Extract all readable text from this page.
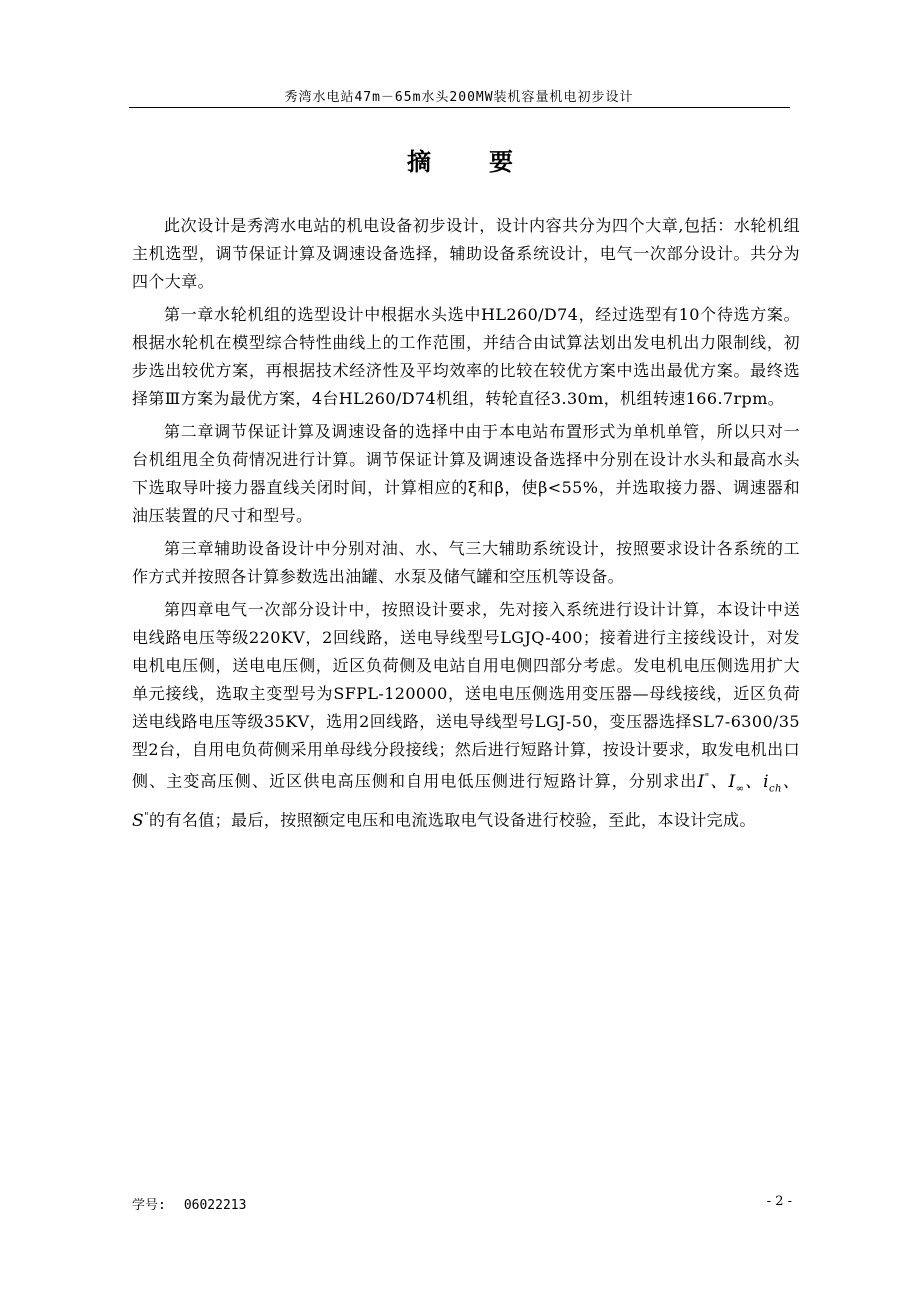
秀湾水电站47m－65m水头200MW装机容量机电初步设计
摘 要

此次设计是秀湾水电站的机电设备初步设计，设计内容共分为四个大章,包括：水轮机组主机选型，调节保证计算及调速设备选择，辅助设备系统设计，电气一次部分设计。共分为四个大章。

第一章水轮机组的选型设计中根据水头选中HL260/D74，经过选型有10个待选方案。根据水轮机在模型综合特性曲线上的工作范围，并结合由试算法划出发电机出力限制线，初步选出较优方案，再根据技术经济性及平均效率的比较在较优方案中选出最优方案。最终选择第Ⅲ方案为最优方案，4台HL260/D74机组，转轮直径3.30m，机组转速166.7rpm。

第二章调节保证计算及调速设备的选择中由于本电站布置形式为单机单管，所以只对一台机组甩全负荷情况进行计算。调节保证计算及调速设备选择中分别在设计水头和最高水头下选取导叶接力器直线关闭时间，计算相应的ξ和β，使β<55%，并选取接力器、调速器和油压装置的尺寸和型号。

第三章辅助设备设计中分别对油、水、气三大辅助系统设计，按照要求设计各系统的工作方式并按照各计算参数选出油罐、水泵及储气罐和空压机等设备。

第四章电气一次部分设计中，按照设计要求，先对接入系统进行设计计算，本设计中送电线路电压等级220KV，2回线路，送电导线型号LGJQ-400；接着进行主接线设计，对发电机电压侧，送电电压侧，近区负荷侧及电站自用电侧四部分考虑。发电机电压侧选用扩大单元接线，选取主变型号为SFPL-120000，送电电压侧选用变压器—母线接线，近区负荷送电线路电压等级35KV，选用2回线路，送电导线型号LGJ-50，变压器选择SL7-6300/35型2台，自用电负荷侧采用单母线分段接线；然后进行短路计算，按设计要求，取发电机出口侧、主变高压侧、近区供电高压侧和自用电低压侧进行短路计算，分别求出I"、$I_\infty$、$i_{ch}$、S"的有名值；最后，按照额定电压和电流选取电气设备进行校验，至此，本设计完成。

学号: 06022213	- 2 -
